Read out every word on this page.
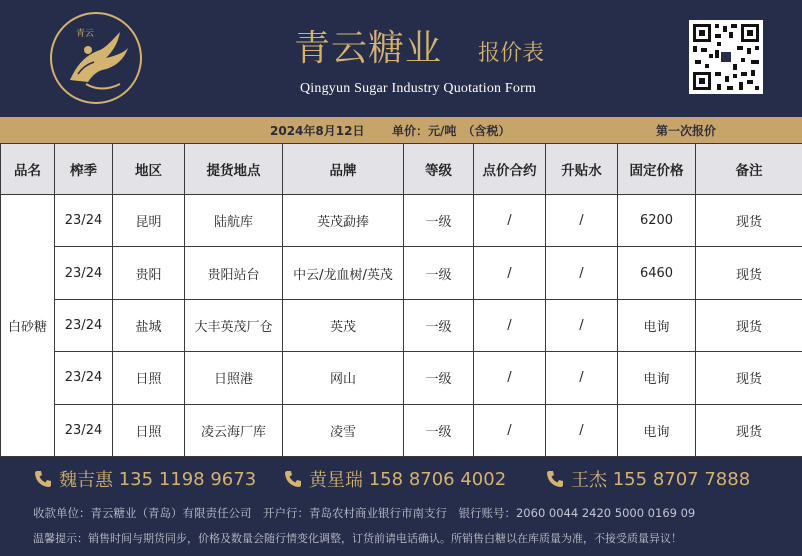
青云	青云糖业 报价表
Qingyun Sugar Industry Quotation Form
2024年8月12日 单价：元/吨　（含税）	第一次报价
品名	榨季	地区	提货地点	品牌	等级	点价合约	升贴水	固定价格	备注
白砂糖	23/24	昆明	陆航库	英茂勐捧	一级	/	/	6200	现货
	23/24	贵阳	贵阳站台	中云/龙血树/英茂	一级	/	/	6460	现货
	23/24	盐城	大丰英茂厂仓	英茂	一级	/	/	电询	现货
	23/24	日照	日照港	网山	一级	/	/	电询	现货
	23/24	日照	凌云海厂库	凌雪	一级	/	/	电询	现货
魏吉惠
135 1198 9673	黄星瑞
158 8706 4002	王杰
155 8707 7888
收款单位：青云糖业（青岛）有限责任公司　开户行：青岛农村商业银行市南支行　银行账号：2060 0044 2420 5000 0169 09
温馨提示：销售时间与期货同步，价格及数量会随行情变化调整，订货前请电话确认。所销售白糖以在库质量为准，不接受质量异议！
